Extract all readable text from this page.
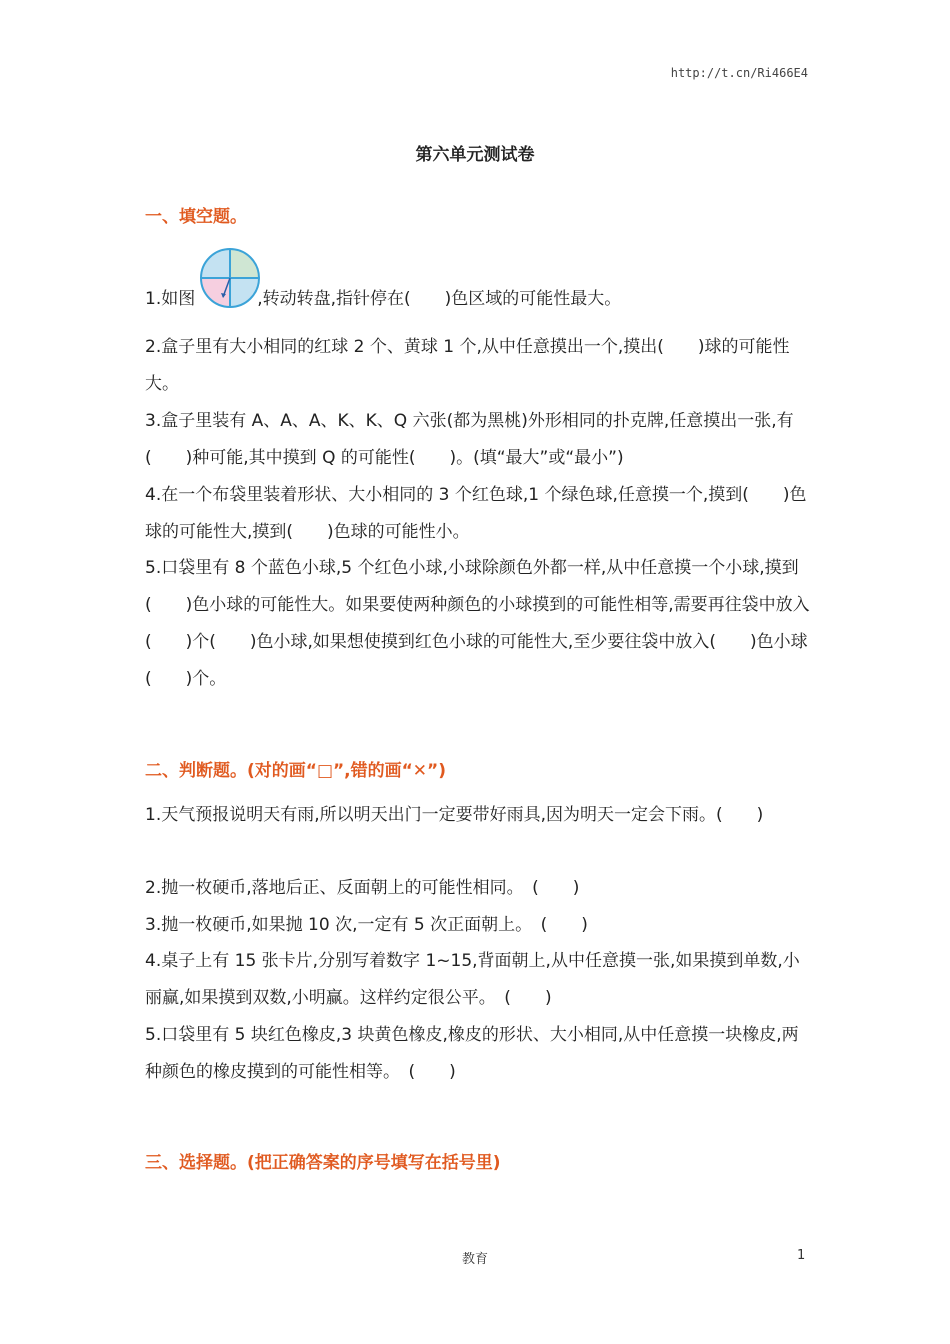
http://t.cn/Ri466E4
第六单元测试卷
一、填空题。
1.如图	,转动转盘,指针停在(　　)色区域的可能性最大。
2.盒子里有大小相同的红球 2 个、黄球 1 个,从中任意摸出一个,摸出(　　)球的可能性大。
3.盒子里装有 A、A、A、K、K、Q 六张(都为黑桃)外形相同的扑克牌,任意摸出一张,有(　　)种可能,其中摸到 Q 的可能性(　　)。(填“最大”或“最小”)
4.在一个布袋里装着形状、大小相同的 3 个红色球,1 个绿色球,任意摸一个,摸到(　　)色球的可能性大,摸到(　　)色球的可能性小。
5.口袋里有 8 个蓝色小球,5 个红色小球,小球除颜色外都一样,从中任意摸一个小球,摸到(　　)色小球的可能性大。如果要使两种颜色的小球摸到的可能性相等,需要再往袋中放入(　　)个(　　)色小球,如果想使摸到红色小球的可能性大,至少要往袋中放入(　　)色小球(　　)个。
二、判断题。(对的画“□”,错的画“✕”)
1.天气预报说明天有雨,所以明天出门一定要带好雨具,因为明天一定会下雨。(　　)
2.抛一枚硬币,落地后正、反面朝上的可能性相同。　(　　)
3.抛一枚硬币,如果抛 10 次,一定有 5 次正面朝上。　(　　)
4.桌子上有 15 张卡片,分别写着数字 1~15,背面朝上,从中任意摸一张,如果摸到单数,小丽赢,如果摸到双数,小明赢。这样约定很公平。　(　　)
5.口袋里有 5 块红色橡皮,3 块黄色橡皮,橡皮的形状、大小相同,从中任意摸一块橡皮,两种颜色的橡皮摸到的可能性相等。　(　　)
三、选择题。(把正确答案的序号填写在括号里)
教育	1
